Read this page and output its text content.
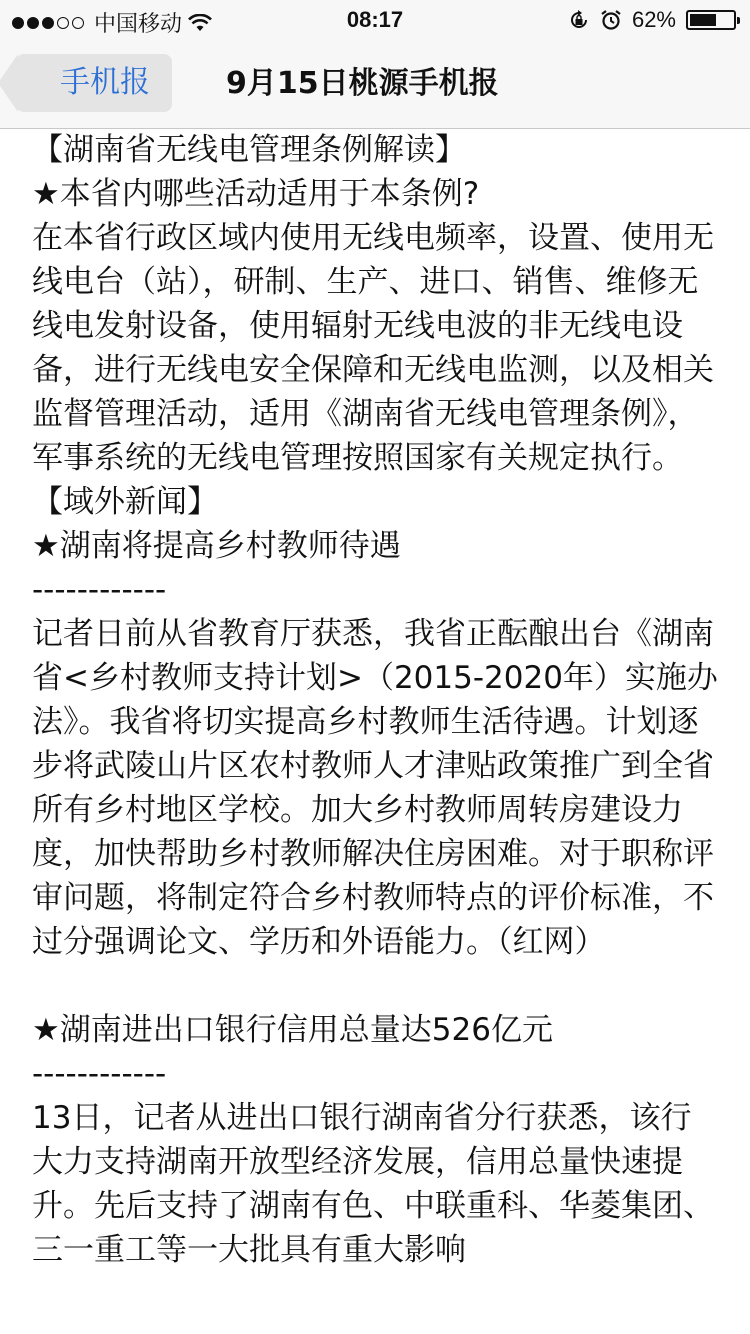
中国移动	08:17	62%
手机报	9月15日桃源手机报

【湖南省无线电管理条例解读】

★本省内哪些活动适用于本条例?

在本省行政区域内使用无线电频率，设置、使用无线电台（站），研制、生产、进口、销售、维修无线电发射设备，使用辐射无线电波的非无线电设备，进行无线电安全保障和无线电监测，以及相关监督管理活动，适用《湖南省无线电管理条例》，军事系统的无线电管理按照国家有关规定执行。

【域外新闻】

★湖南将提高乡村教师待遇

------------

记者日前从省教育厅获悉，我省正酝酿出台《湖南省<乡村教师支持计划>（2015-2020年）实施办法》。我省将切实提高乡村教师生活待遇。计划逐步将武陵山片区农村教师人才津贴政策推广到全省所有乡村地区学校。加大乡村教师周转房建设力度，加快帮助乡村教师解决住房困难。对于职称评审问题，将制定符合乡村教师特点的评价标准，不过分强调论文、学历和外语能力。（红网）

★湖南进出口银行信用总量达526亿元

------------

13日，记者从进出口银行湖南省分行获悉，该行大力支持湖南开放型经济发展，信用总量快速提升。先后支持了湖南有色、中联重科、华菱集团、三一重工等一大批具有重大影响
